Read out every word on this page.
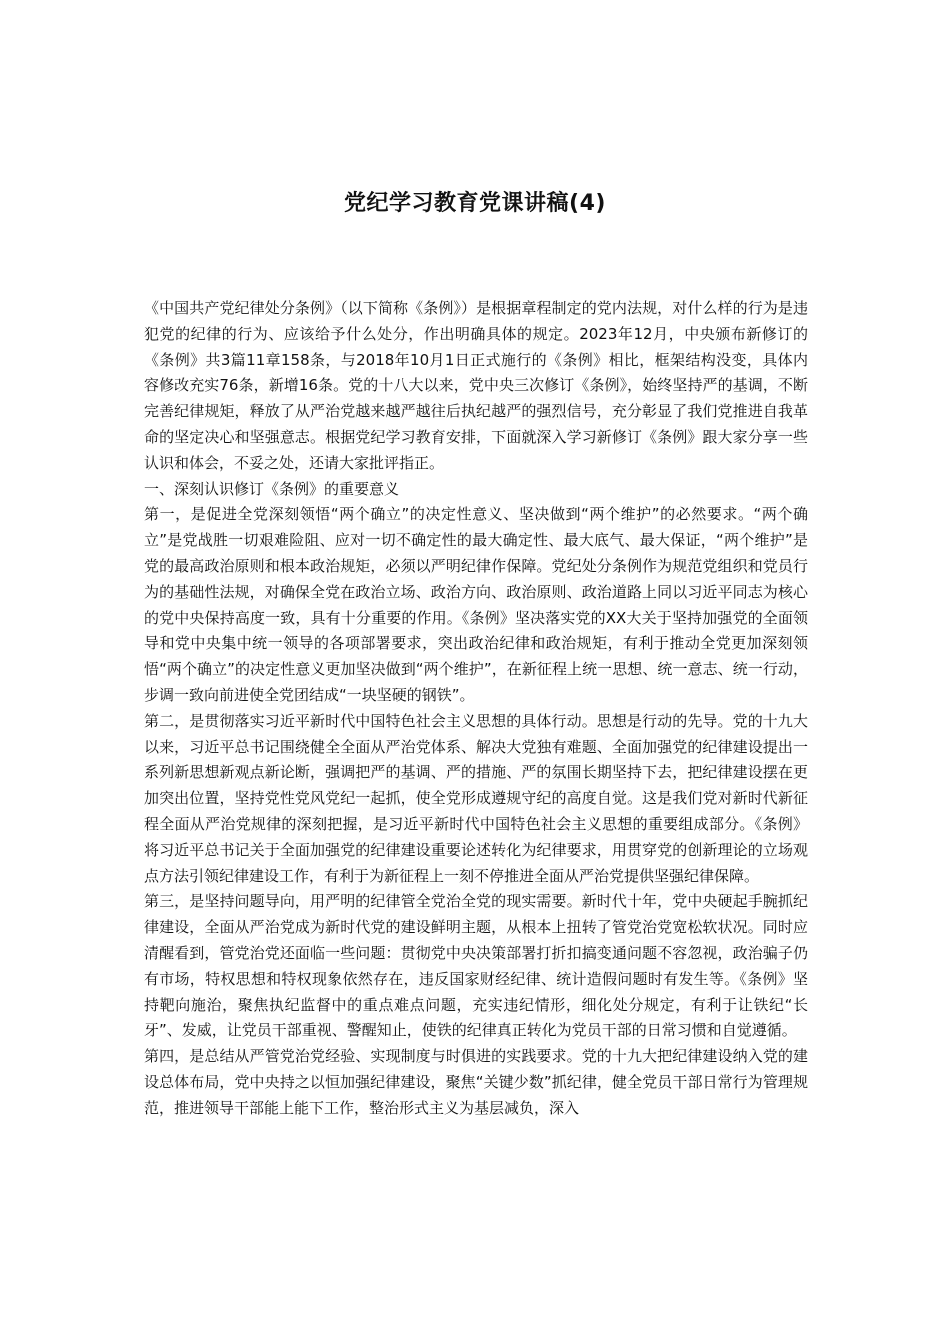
党纪学习教育党课讲稿(4)

《中国共产党纪律处分条例》（以下简称《条例》）是根据章程制定的党内法规，对什么样的行为是违犯党的纪律的行为、应该给予什么处分，作出明确具体的规定。2023年12月，中央颁布新修订的《条例》共3篇11章158条，与2018年10月1日正式施行的《条例》相比，框架结构没变，具体内容修改充实76条，新增16条。党的十八大以来，党中央三次修订《条例》，始终坚持严的基调，不断完善纪律规矩，释放了从严治党越来越严越往后执纪越严的强烈信号，充分彰显了我们党推进自我革命的坚定决心和坚强意志。根据党纪学习教育安排，下面就深入学习新修订《条例》跟大家分享一些认识和体会，不妥之处，还请大家批评指正。

一、深刻认识修订《条例》的重要意义

第一，是促进全党深刻领悟“两个确立”的决定性意义、坚决做到“两个维护”的必然要求。“两个确立”是党战胜一切艰难险阻、应对一切不确定性的最大确定性、最大底气、最大保证，“两个维护”是党的最高政治原则和根本政治规矩，必须以严明纪律作保障。党纪处分条例作为规范党组织和党员行为的基础性法规，对确保全党在政治立场、政治方向、政治原则、政治道路上同以习近平同志为核心的党中央保持高度一致，具有十分重要的作用。《条例》坚决落实党的XX大关于坚持加强党的全面领导和党中央集中统一领导的各项部署要求，突出政治纪律和政治规矩，有利于推动全党更加深刻领悟“两个确立”的决定性意义更加坚决做到“两个维护”，在新征程上统一思想、统一意志、统一行动，步调一致向前进使全党团结成“一块坚硬的钢铁”。

第二，是贯彻落实习近平新时代中国特色社会主义思想的具体行动。思想是行动的先导。党的十九大以来，习近平总书记围绕健全全面从严治党体系、解决大党独有难题、全面加强党的纪律建设提出一系列新思想新观点新论断，强调把严的基调、严的措施、严的氛围长期坚持下去，把纪律建设摆在更加突出位置，坚持党性党风党纪一起抓，使全党形成遵规守纪的高度自觉。这是我们党对新时代新征程全面从严治党规律的深刻把握，是习近平新时代中国特色社会主义思想的重要组成部分。《条例》将习近平总书记关于全面加强党的纪律建设重要论述转化为纪律要求，用贯穿党的创新理论的立场观点方法引领纪律建设工作，有利于为新征程上一刻不停推进全面从严治党提供坚强纪律保障。

第三，是坚持问题导向，用严明的纪律管全党治全党的现实需要。新时代十年，党中央硬起手腕抓纪律建设，全面从严治党成为新时代党的建设鲜明主题，从根本上扭转了管党治党宽松软状况。同时应清醒看到，管党治党还面临一些问题：贯彻党中央决策部署打折扣搞变通问题不容忽视，政治骗子仍有市场，特权思想和特权现象依然存在，违反国家财经纪律、统计造假问题时有发生等。《条例》坚持靶向施治，聚焦执纪监督中的重点难点问题，充实违纪情形，细化处分规定，有利于让铁纪“长牙”、发威，让党员干部重视、警醒知止，使铁的纪律真正转化为党员干部的日常习惯和自觉遵循。

第四，是总结从严管党治党经验、实现制度与时俱进的实践要求。党的十九大把纪律建设纳入党的建设总体布局，党中央持之以恒加强纪律建设，聚焦“关键少数”抓纪律，健全党员干部日常行为管理规范，推进领导干部能上能下工作，整治形式主义为基层减负，深入
